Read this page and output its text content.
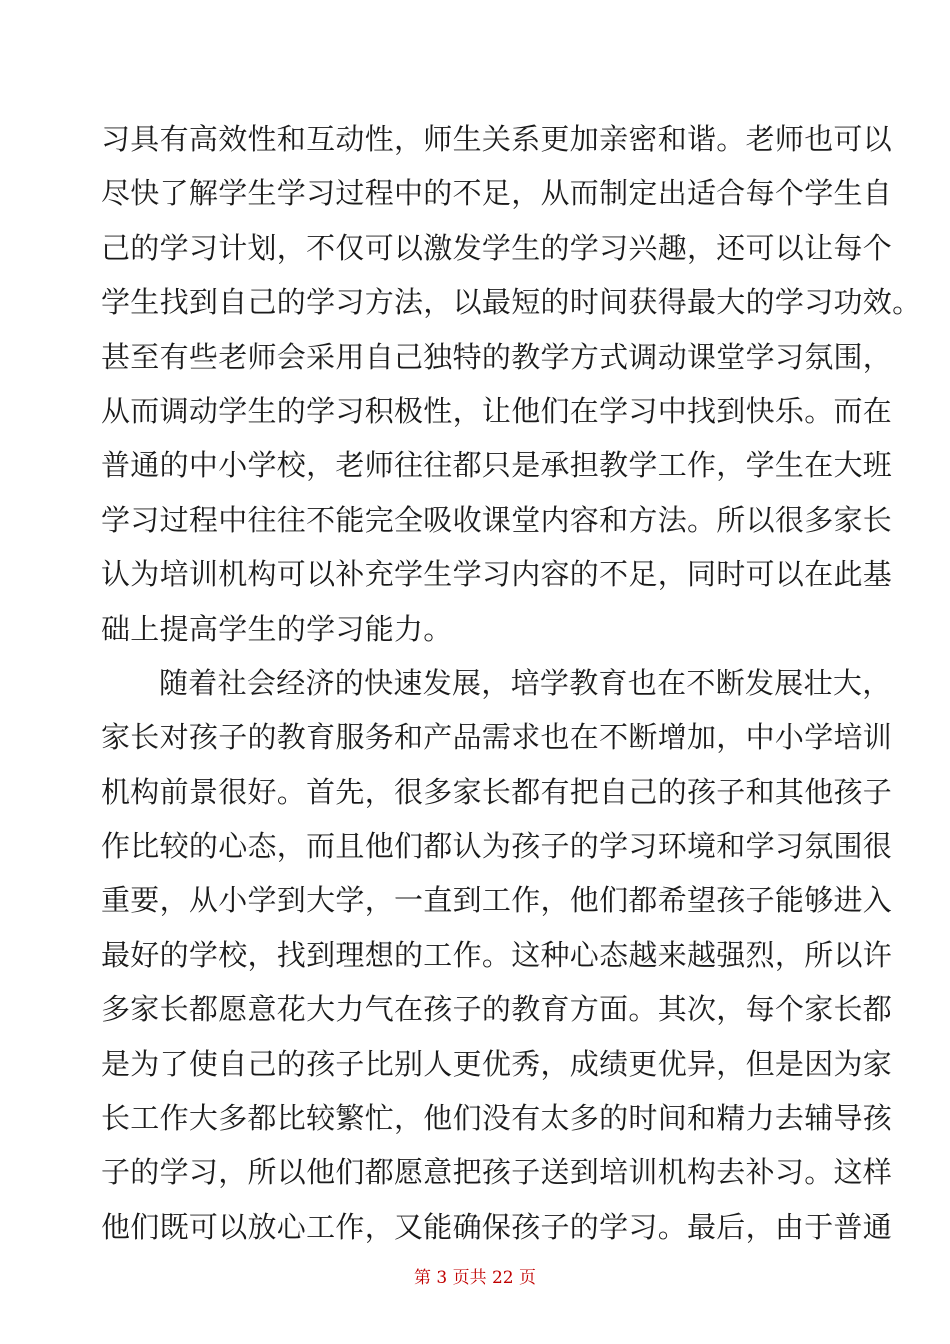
习具有高效性和互动性，师生关系更加亲密和谐。老师也可以
尽快了解学生学习过程中的不足，从而制定出适合每个学生自
己的学习计划，不仅可以激发学生的学习兴趣，还可以让每个
学生找到自己的学习方法，以最短的时间获得最大的学习功效。
甚至有些老师会采用自己独特的教学方式调动课堂学习氛围，
从而调动学生的学习积极性，让他们在学习中找到快乐。而在
普通的中小学校，老师往往都只是承担教学工作，学生在大班
学习过程中往往不能完全吸收课堂内容和方法。所以很多家长
认为培训机构可以补充学生学习内容的不足，同时可以在此基
础上提高学生的学习能力。
随着社会经济的快速发展，培学教育也在不断发展壮大，
家长对孩子的教育服务和产品需求也在不断增加，中小学培训
机构前景很好。首先，很多家长都有把自己的孩子和其他孩子
作比较的心态，而且他们都认为孩子的学习环境和学习氛围很
重要，从小学到大学，一直到工作，他们都希望孩子能够进入
最好的学校，找到理想的工作。这种心态越来越强烈，所以许
多家长都愿意花大力气在孩子的教育方面。其次，每个家长都
是为了使自己的孩子比别人更优秀，成绩更优异，但是因为家
长工作大多都比较繁忙，他们没有太多的时间和精力去辅导孩
子的学习，所以他们都愿意把孩子送到培训机构去补习。这样
他们既可以放心工作，又能确保孩子的学习。最后，由于普通
第 3 页共 22 页
